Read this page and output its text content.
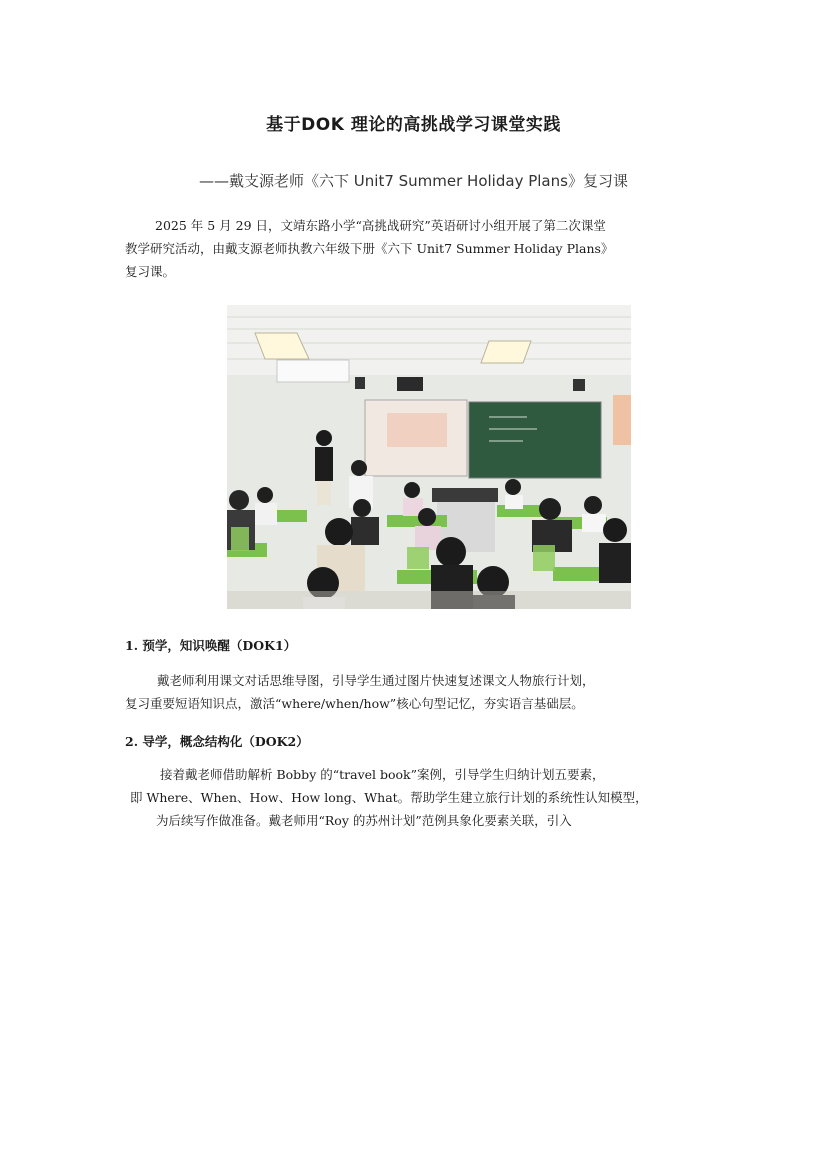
基于DOK 理论的高挑战学习课堂实践
——戴支源老师《六下 Unit7 Summer Holiday Plans》复习课

2025 年 5 月 29 日，文靖东路小学“高挑战研究”英语研讨小组开展了第二次课堂
教学研究活动，由戴支源老师执教六年级下册《六下 Unit7 Summer Holiday Plans》
复习课。

1. 预学，知识唤醒（DOK1）

戴老师利用课文对话思维导图，引导学生通过图片快速复述课文人物旅行计划，
复习重要短语知识点，激活“where/when/how”核心句型记忆，夯实语言基础层。

2. 导学，概念结构化（DOK2）

接着戴老师借助解析 Bobby 的“travel book”案例，引导学生归纳计划五要素，
即 Where、When、How、How long、What。帮助学生建立旅行计划的系统性认知模型，
为后续写作做准备。戴老师用“Roy 的苏州计划”范例具象化要素关联，引入
